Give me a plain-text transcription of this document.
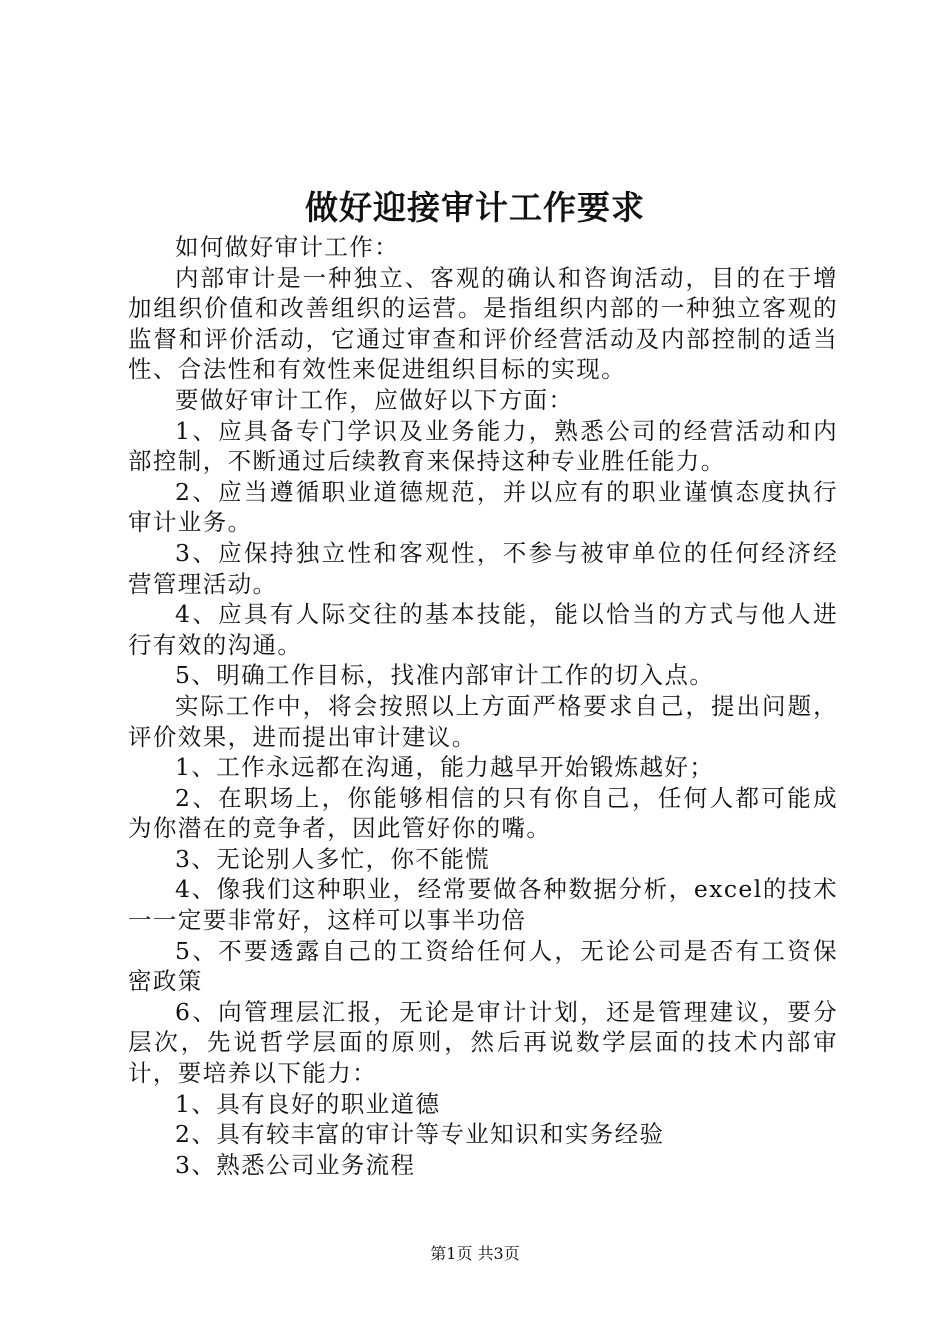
做好迎接审计工作要求

如何做好审计工作：

内部审计是一种独立、客观的确认和咨询活动，目的在于增加组织价值和改善组织的运营。是指组织内部的一种独立客观的监督和评价活动，它通过审查和评价经营活动及内部控制的适当性、合法性和有效性来促进组织目标的实现。

要做好审计工作，应做好以下方面：

1、应具备专门学识及业务能力，熟悉公司的经营活动和内部控制，不断通过后续教育来保持这种专业胜任能力。

2、应当遵循职业道德规范，并以应有的职业谨慎态度执行审计业务。

3、应保持独立性和客观性，不参与被审单位的任何经济经营管理活动。

4、应具有人际交往的基本技能，能以恰当的方式与他人进行有效的沟通。

5、明确工作目标，找准内部审计工作的切入点。

实际工作中，将会按照以上方面严格要求自己，提出问题，评价效果，进而提出审计建议。

1、工作永远都在沟通，能力越早开始锻炼越好；

2、在职场上，你能够相信的只有你自己，任何人都可能成为你潜在的竞争者，因此管好你的嘴。

3、无论别人多忙，你不能慌

4、像我们这种职业，经常要做各种数据分析，excel的技术一一定要非常好，这样可以事半功倍

5、不要透露自己的工资给任何人，无论公司是否有工资保密政策

6、向管理层汇报，无论是审计计划，还是管理建议，要分层次，先说哲学层面的原则，然后再说数学层面的技术内部审计，要培养以下能力：

1、具有良好的职业道德

2、具有较丰富的审计等专业知识和实务经验

3、熟悉公司业务流程

第1页 共3页
